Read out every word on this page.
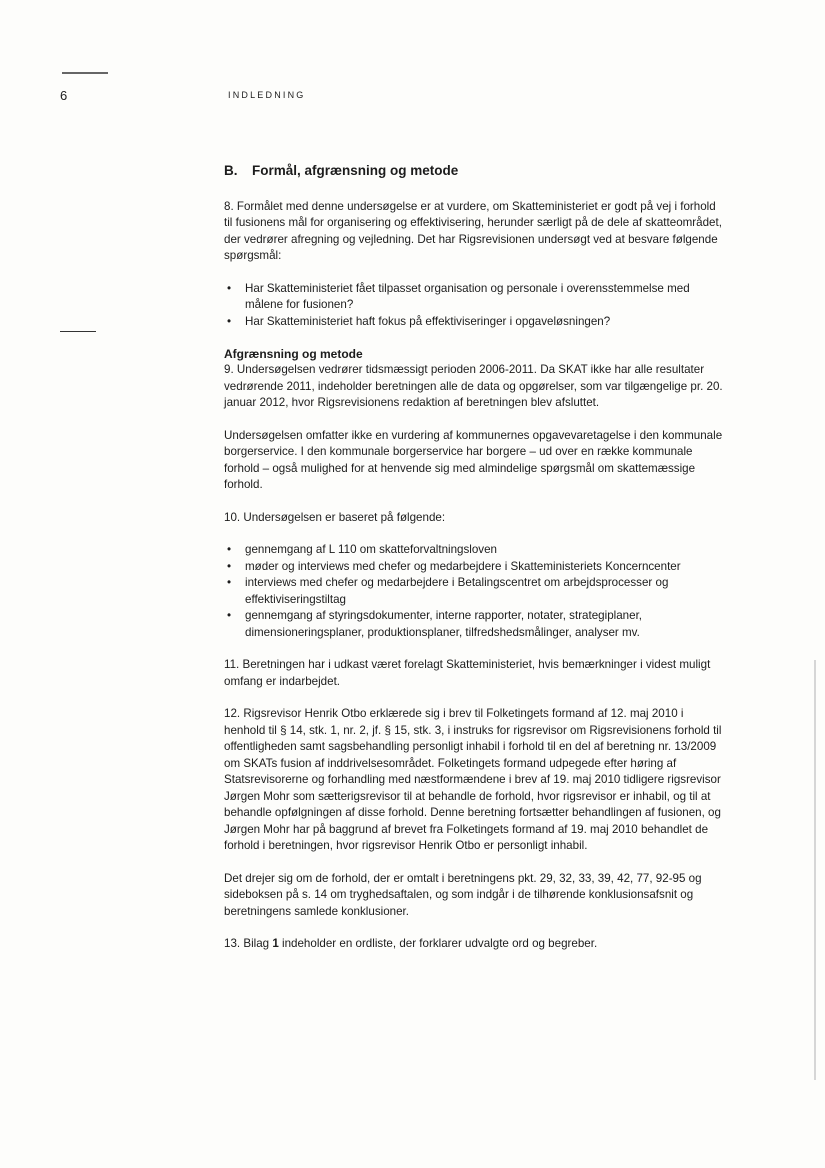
6	INDLEDNING
B. Formål, afgrænsning og metode

8. Formålet med denne undersøgelse er at vurdere, om Skatteministeriet er godt på vej i forhold til fusionens mål for organisering og effektivisering, herunder særligt på de dele af skatteområdet, der vedrører afregning og vejledning. Det har Rigsrevisionen undersøgt ved at besvare følgende spørgsmål:

• Har Skatteministeriet fået tilpasset organisation og personale i overensstemmelse med målene for fusionen?
• Har Skatteministeriet haft fokus på effektiviseringer i opgaveløsningen?
Afgrænsning og metode

9. Undersøgelsen vedrører tidsmæssigt perioden 2006-2011. Da SKAT ikke har alle resultater vedrørende 2011, indeholder beretningen alle de data og opgørelser, som var tilgængelige pr. 20. januar 2012, hvor Rigsrevisionens redaktion af beretningen blev afsluttet.

Undersøgelsen omfatter ikke en vurdering af kommunernes opgavevaretagelse i den kommunale borgerservice. I den kommunale borgerservice har borgere – ud over en række kommunale forhold – også mulighed for at henvende sig med almindelige spørgsmål om skattemæssige forhold.

10. Undersøgelsen er baseret på følgende:

• gennemgang af L 110 om skatteforvaltningsloven
• møder og interviews med chefer og medarbejdere i Skatteministeriets Koncerncenter
• interviews med chefer og medarbejdere i Betalingscentret om arbejdsprocesser og effektiviseringstiltag
• gennemgang af styringsdokumenter, interne rapporter, notater, strategiplaner, dimensioneringsplaner, produktionsplaner, tilfredshedsmålinger, analyser mv.

11. Beretningen har i udkast været forelagt Skatteministeriet, hvis bemærkninger i videst muligt omfang er indarbejdet.

12. Rigsrevisor Henrik Otbo erklærede sig i brev til Folketingets formand af 12. maj 2010 i henhold til § 14, stk. 1, nr. 2, jf. § 15, stk. 3, i instruks for rigsrevisor om Rigsrevisionens forhold til offentligheden samt sagsbehandling personligt inhabil i forhold til en del af beretning nr. 13/2009 om SKATs fusion af inddrivelsesområdet. Folketingets formand udpegede efter høring af Statsrevisorerne og forhandling med næstformændene i brev af 19. maj 2010 tidligere rigsrevisor Jørgen Mohr som sætterigsrevisor til at behandle de forhold, hvor rigsrevisor er inhabil, og til at behandle opfølgningen af disse forhold. Denne beretning fortsætter behandlingen af fusionen, og Jørgen Mohr har på baggrund af brevet fra Folketingets formand af 19. maj 2010 behandlet de forhold i beretningen, hvor rigsrevisor Henrik Otbo er personligt inhabil.

Det drejer sig om de forhold, der er omtalt i beretningens pkt. 29, 32, 33, 39, 42, 77, 92-95 og sideboksen på s. 14 om tryghedsaftalen, og som indgår i de tilhørende konklusionsafsnit og beretningens samlede konklusioner.

13. Bilag 1 indeholder en ordliste, der forklarer udvalgte ord og begreber.
